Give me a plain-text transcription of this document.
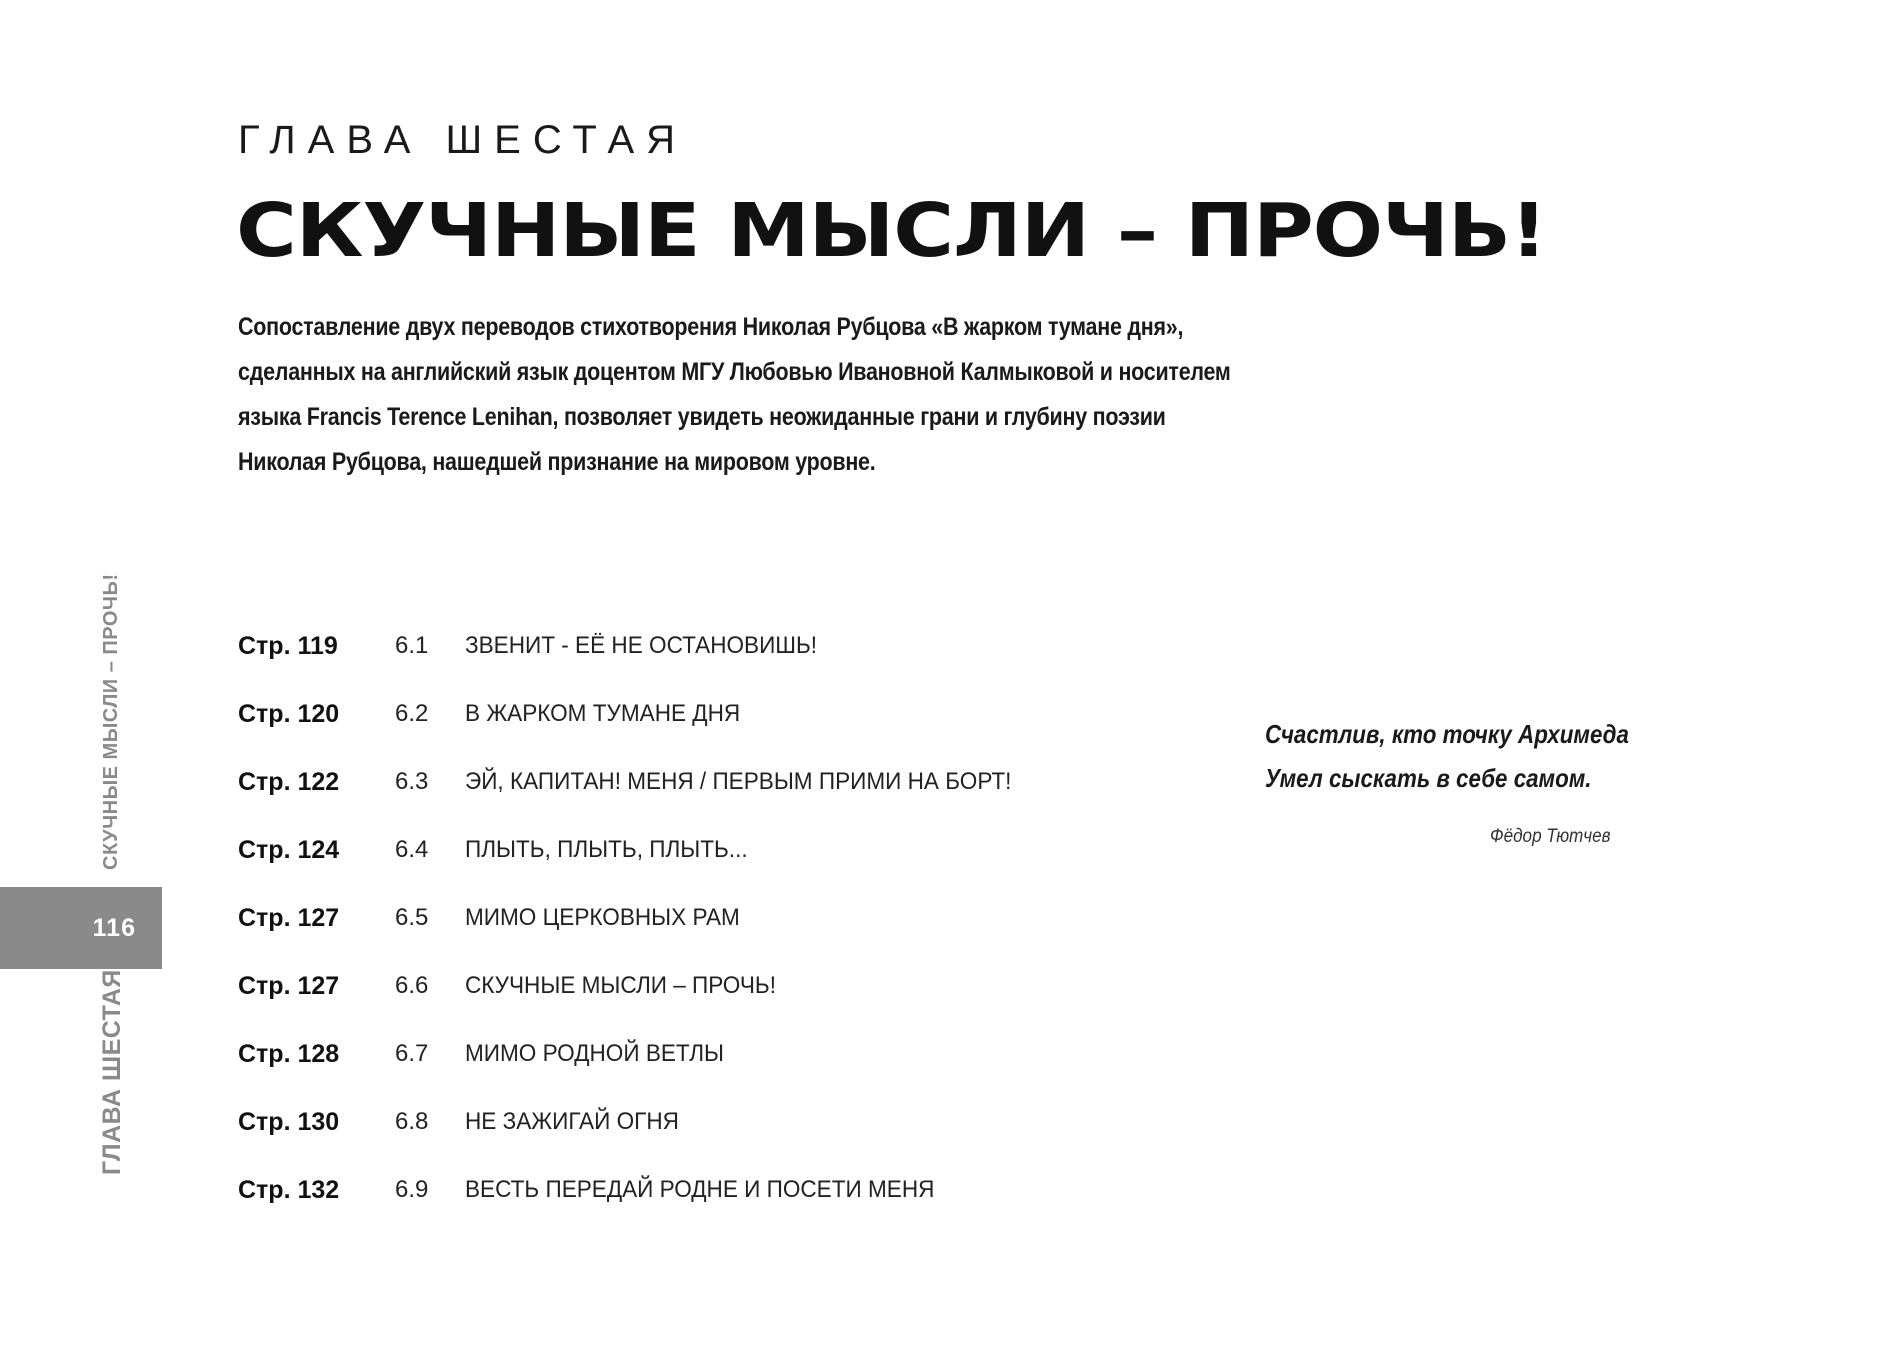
СКУЧНЫЕ МЫСЛИ – ПРОЧЬ!
116
ГЛАВА ШЕСТАЯ
ГЛАВА ШЕСТАЯ
СКУЧНЫЕ МЫСЛИ – ПРОЧЬ!
Сопоставление двух переводов стихотворения Николая Рубцова «В жарком тумане дня»,
сделанных на английский язык доцентом МГУ Любовью Ивановной Калмыковой и носителем
языка Francis Terence Lenihan, позволяет увидеть неожиданные грани и глубину поэзии
Николая Рубцова, нашедшей признание на мировом уровне.
Стр. 119	6.1	ЗВЕНИТ - ЕЁ НЕ ОСТАНОВИШЬ!
Стр. 120	6.2	В ЖАРКОМ ТУМАНЕ ДНЯ
Стр. 122	6.3	ЭЙ, КАПИТАН! МЕНЯ / ПЕРВЫМ ПРИМИ НА БОРТ!
Стр. 124	6.4	ПЛЫТЬ, ПЛЫТЬ, ПЛЫТЬ...
Стр. 127	6.5	МИМО ЦЕРКОВНЫХ РАМ
Стр. 127	6.6	СКУЧНЫЕ МЫСЛИ – ПРОЧЬ!
Стр. 128	6.7	МИМО РОДНОЙ ВЕТЛЫ
Стр. 130	6.8	НЕ ЗАЖИГАЙ ОГНЯ
Стр. 132	6.9	ВЕСТЬ ПЕРЕДАЙ РОДНЕ И ПОСЕТИ МЕНЯ
Счастлив, кто точку Архимеда
Умел сыскать в себе самом.
Фёдор Тютчев
